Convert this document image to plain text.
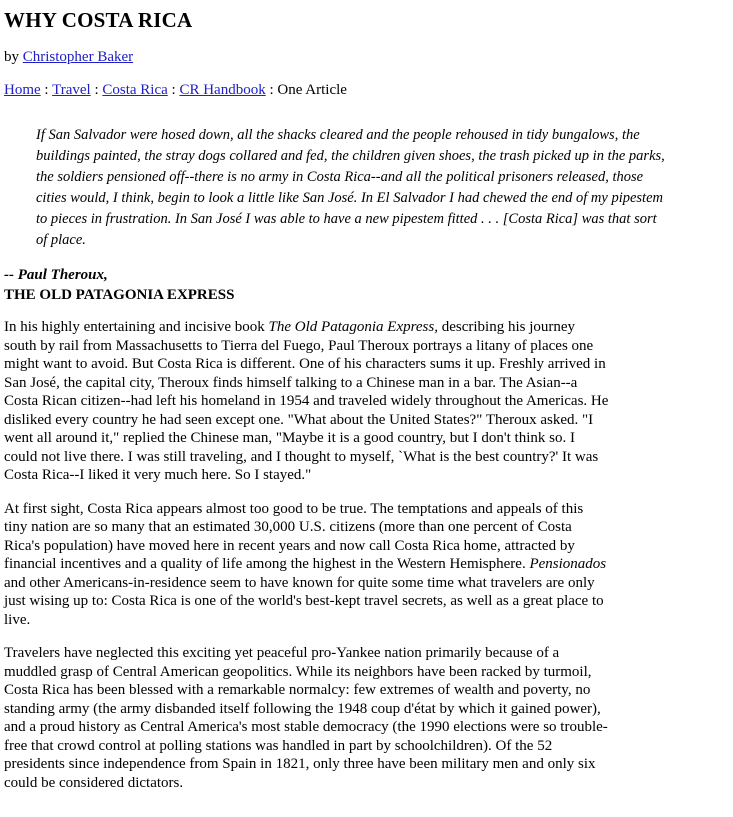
WHY COSTA RICA

by Christopher Baker

Home : Travel : Costa Rica : CR Handbook : One Article

If San Salvador were hosed down, all the shacks cleared and the people rehoused in tidy bungalows, the buildings painted, the stray dogs collared and fed, the children given shoes, the trash picked up in the parks, the soldiers pensioned off--there is no army in Costa Rica--and all the political prisoners released, those cities would, I think, begin to look a little like San José. In El Salvador I had chewed the end of my pipestem to pieces in frustration. In San José I was able to have a new pipestem fitted . . . [Costa Rica] was that sort of place.

-- Paul Theroux,
THE OLD PATAGONIA EXPRESS

In his highly entertaining and incisive book The Old Patagonia Express, describing his journey south by rail from Massachusetts to Tierra del Fuego, Paul Theroux portrays a litany of places one might want to avoid. But Costa Rica is different. One of his characters sums it up. Freshly arrived in San José, the capital city, Theroux finds himself talking to a Chinese man in a bar. The Asian--a Costa Rican citizen--had left his homeland in 1954 and traveled widely throughout the Americas. He disliked every country he had seen except one. "What about the United States?" Theroux asked. "I went all around it," replied the Chinese man, "Maybe it is a good country, but I don't think so. I could not live there. I was still traveling, and I thought to myself, `What is the best country?' It was Costa Rica--I liked it very much here. So I stayed."

At first sight, Costa Rica appears almost too good to be true. The temptations and appeals of this tiny nation are so many that an estimated 30,000 U.S. citizens (more than one percent of Costa Rica's population) have moved here in recent years and now call Costa Rica home, attracted by financial incentives and a quality of life among the highest in the Western Hemisphere. Pensionados and other Americans-in-residence seem to have known for quite some time what travelers are only just wising up to: Costa Rica is one of the world's best-kept travel secrets, as well as a great place to live.

Travelers have neglected this exciting yet peaceful pro-Yankee nation primarily because of a muddled grasp of Central American geopolitics. While its neighbors have been racked by turmoil, Costa Rica has been blessed with a remarkable normalcy: few extremes of wealth and poverty, no standing army (the army disbanded itself following the 1948 coup d'état by which it gained power), and a proud history as Central America's most stable democracy (the 1990 elections were so trouble-free that crowd control at polling stations was handled in part by schoolchildren). Of the 52 presidents since independence from Spain in 1821, only three have been military men and only six could be considered dictators.
